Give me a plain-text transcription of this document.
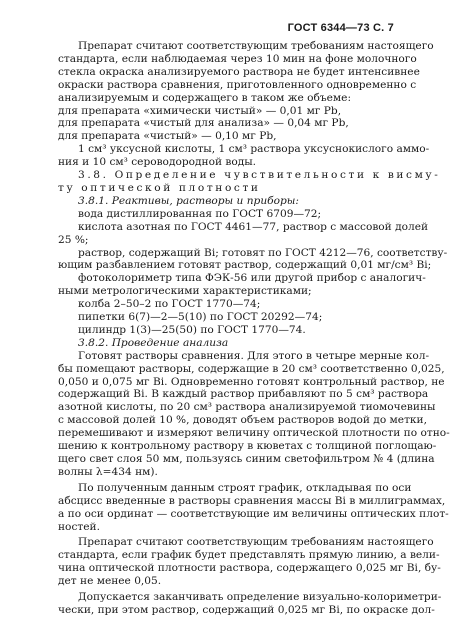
ГОСТ 6344—73 С. 7
Препарат считают соответствующим требованиям настоящего
стандарта, если наблюдаемая через 10 мин на фоне молочного
стекла окраска анализируемого раствора не будет интенсивнее
окраски раствора сравнения, приготовленного одновременно с
анализируемым и содержащего в таком же объеме:
для препарата «химически чистый» — 0,01 мг Pb,
для препарата «чистый для анализа» — 0,04 мг Pb,
для препарата «чистый» — 0,10 мг Pb,
1 см³ уксусной кислоты, 1 см³ раствора уксуснокислого аммо-
ния и 10 см³ сероводородной воды.
3.8. Определение чувствительности к висму-
ту оптической плотности
3.8.1. Реактивы, растворы и приборы:
вода дистиллированная по ГОСТ 6709—72;
кислота азотная по ГОСТ 4461—77, раствор с массовой долей
25 %;
раствор, содержащий Bi; готовят по ГОСТ 4212—76, соответству-
ющим разбавлением готовят раствор, содержащий 0,01 мг/см³ Bi;
фотоколориметр типа ФЭК-56 или другой прибор с аналогич-
ными метрологическими характеристиками;
колба 2–50–2 по ГОСТ 1770—74;
пипетки 6(7)—2—5(10) по ГОСТ 20292—74;
цилиндр 1(3)—25(50) по ГОСТ 1770—74.
3.8.2. Проведение анализа
Готовят растворы сравнения. Для этого в четыре мерные кол-
бы помещают растворы, содержащие в 20 см³ соответственно 0,025,
0,050 и 0,075 мг Bi. Одновременно готовят контрольный раствор, не
содержащий Bi. В каждый раствор прибавляют по 5 см³ раствора
азотной кислоты, по 20 см³ раствора анализируемой тиомочевины
с массовой долей 10 %, доводят объем растворов водой до метки,
перемешивают и измеряют величину оптической плотности по отно-
шению к контрольному раствору в кюветах с толщиной поглощаю-
щего свет слоя 50 мм, пользуясь синим светофильтром № 4 (длина
волны λ=434 нм).
По полученным данным строят график, откладывая по оси
абсцисс введенные в растворы сравнения массы Bi в миллиграммах,
а по оси ординат — соответствующие им величины оптических плот-
ностей.
Препарат считают соответствующим требованиям настоящего
стандарта, если график будет представлять прямую линию, а вели-
чина оптической плотности раствора, содержащего 0,025 мг Bi, бу-
дет не менее 0,05.
Допускается заканчивать определение визуально-колориметри-
чески, при этом раствор, содержащий 0,025 мг Bi, по окраске дол-
